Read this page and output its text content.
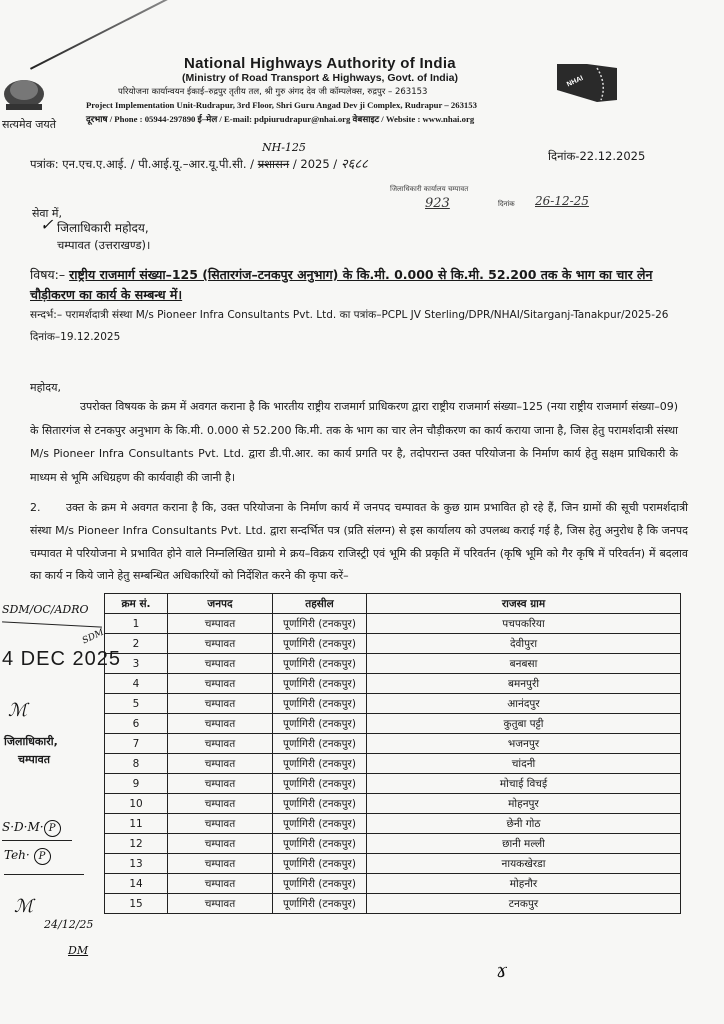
सत्यमेव जयते
National Highways Authority of India
(Ministry of Road Transport & Highways, Govt. of India)
परियोजना कार्यान्वयन ईकाई–रुद्रपुर तृतीय तल, श्री गुरु अंगद देव जी कॉम्पलेक्स, रुद्रपुर – 263153
Project Implementation Unit-Rudrapur, 3rd Floor, Shri Guru Angad Dev ji Complex, Rudrapur – 263153
दूरभाष / Phone : 05944-297890 ई–मेल / E-mail: pdpiurudrapur@nhai.org वेबसाइट / Website : www.nhai.org
NHAI
NH-125
पत्रांक: एन.एच.ए.आई. / पी.आई.यू.–आर.यू.पी.सी. / प्रशासन / 2025 / २६८८
दिनांक-22.12.2025
जिलाधिकारी कार्यालय चम्पावत
923	दिनांक 26-12-25
सेवा में,
✓ जिलाधिकारी महोदय,
चम्पावत (उत्तराखण्ड)।
विषय:– राष्ट्रीय राजमार्ग संख्या–125 (सितारगंज–टनकपुर अनुभाग) के कि.मी. 0.000 से कि.मी. 52.200 तक के भाग का चार लेन चौड़ीकरण का कार्य के सम्बन्ध में।
सन्दर्भ:– परामर्शदात्री संस्था M/s Pioneer Infra Consultants Pvt. Ltd. का पत्रांक–PCPL JV Sterling/DPR/NHAI/Sitarganj-Tanakpur/2025-26 दिनांक–19.12.2025
महोदय,
उपरोक्त विषयक के क्रम में अवगत कराना है कि भारतीय राष्ट्रीय राजमार्ग प्राधिकरण द्वारा राष्ट्रीय राजमार्ग संख्या–125 (नया राष्ट्रीय राजमार्ग संख्या–09) के सितारगंज से टनकपुर अनुभाग के कि.मी. 0.000 से 52.200 कि.मी. तक के भाग का चार लेन चौड़ीकरण का कार्य कराया जाना है, जिस हेतु परामर्शदात्री संस्था M/s Pioneer Infra Consultants Pvt. Ltd. द्वारा डी.पी.आर. का कार्य प्रगति पर है, तदोपरान्त उक्त परियोजना के निर्माण कार्य हेतु सक्षम प्राधिकारी के माध्यम से भूमि अधिग्रहण की कार्यवाही की जानी है।
2. उक्त के क्रम मे अवगत कराना है कि, उक्त परियोजना के निर्माण कार्य में जनपद चम्पावत के कुछ ग्राम प्रभावित हो रहे हैं, जिन ग्रामों की सूची परामर्शदात्री संस्था M/s Pioneer Infra Consultants Pvt. Ltd. द्वारा सन्दर्भित पत्र (प्रति संलग्न) से इस कार्यालय को उपलब्ध कराई गई है, जिस हेतु अनुरोध है कि जनपद चम्पावत मे परियोजना मे प्रभावित होने वाले निम्नलिखित ग्रामो मे क्रय–विक्रय राजिस्ट्री एवं भूमि की प्रकृति में परिवर्तन (कृषि भूमि को गैर कृषि में परिवर्तन) में बदलाव का कार्य न किये जाने हेतु सम्बन्धित अधिकारियों को निर्देशित करने की कृपा करें–
क्रम सं.	जनपद	तहसील	राजस्व ग्राम
1	चम्पावत	पूर्णागिरी (टनकपुर)	पचपकरिया
2	चम्पावत	पूर्णागिरी (टनकपुर)	देवीपुरा
3	चम्पावत	पूर्णागिरी (टनकपुर)	बनबसा
4	चम्पावत	पूर्णागिरी (टनकपुर)	बमनपुरी
5	चम्पावत	पूर्णागिरी (टनकपुर)	आनंदपुर
6	चम्पावत	पूर्णागिरी (टनकपुर)	कुतुबा पट्टी
7	चम्पावत	पूर्णागिरी (टनकपुर)	भजनपुर
8	चम्पावत	पूर्णागिरी (टनकपुर)	चांदनी
9	चम्पावत	पूर्णागिरी (टनकपुर)	मोचाई विचई
10	चम्पावत	पूर्णागिरी (टनकपुर)	मोहनपुर
11	चम्पावत	पूर्णागिरी (टनकपुर)	छेनी गोठ
12	चम्पावत	पूर्णागिरी (टनकपुर)	छानी मल्ली
13	चम्पावत	पूर्णागिरी (टनकपुर)	नायकखेरडा
14	चम्पावत	पूर्णागिरी (टनकपुर)	मोहनौर
15	चम्पावत	पूर्णागिरी (टनकपुर)	टनकपुर
SDM/OC/ADRO
SDM
4 DEC 2025
ℳ
जिलाधिकारी,
चम्पावत
S·D·M· P
Teh· P
ℳ
24/12/25
DM
ɤ
